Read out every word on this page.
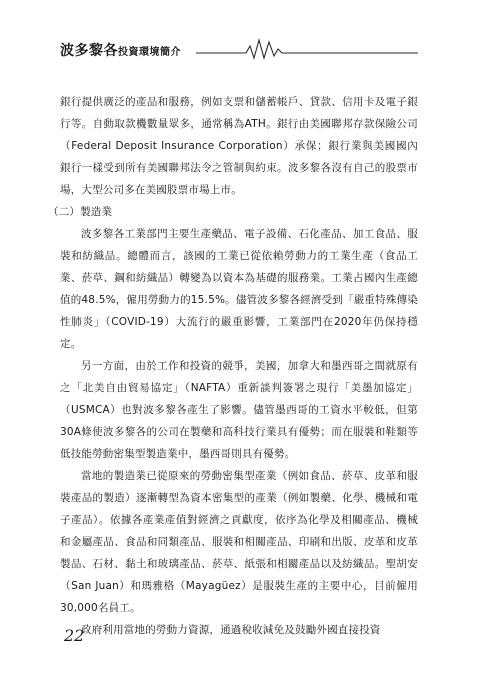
波多黎各投資環境簡介

銀行提供廣泛的產品和服務，例如支票和儲蓄帳戶、貸款、信用卡及電子銀行等。自動取款機數量眾多，通常稱為ATH。銀行由美國聯邦存款保險公司（Federal Deposit Insurance Corporation）承保；銀行業與美國國內銀行一樣受到所有美國聯邦法令之管制與約束。波多黎各沒有自己的股票市場，大型公司多在美國股票市場上市。

（二）製造業

波多黎各工業部門主要生產藥品、電子設備、石化產品、加工食品、服裝和紡織品。總體而言，該國的工業已從依賴勞動力的工業生產（食品工業、菸草、鋼和紡織品）轉變為以資本為基礎的服務業。工業占國內生產總值的48.5%，僱用勞動力的15.5%。儘管波多黎各經濟受到「嚴重特殊傳染性肺炎」（COVID-19）大流行的嚴重影響，工業部門在2020年仍保持穩定。

另一方面，由於工作和投資的競爭，美國，加拿大和墨西哥之間就原有之「北美自由貿易協定」（NAFTA）重新談判簽署之現行「美墨加協定」（USMCA）也對波多黎各產生了影響。儘管墨西哥的工資水平較低，但第30A條使波多黎各的公司在製藥和高科技行業具有優勢；而在服裝和鞋類等低技能勞動密集型製造業中，墨西哥則具有優勢。

當地的製造業已從原來的勞動密集型產業（例如食品、菸草、皮革和服裝產品的製造）逐漸轉型為資本密集型的產業（例如製藥、化學、機械和電子產品）。依據各產業產值對經濟之貢獻度，依序為化學及相關產品、機械和金屬產品、食品和同類產品、服裝和相關產品、印刷和出版、皮革和皮革製品、石材、黏土和玻璃產品、菸草、紙張和相關產品以及紡織品。聖胡安（San Juan）和瑪雅格（Mayagüez）是服裝生產的主要中心，目前僱用30,000名員工。

政府利用當地的勞動力資源，通過稅收減免及鼓勵外國直接投資

22
